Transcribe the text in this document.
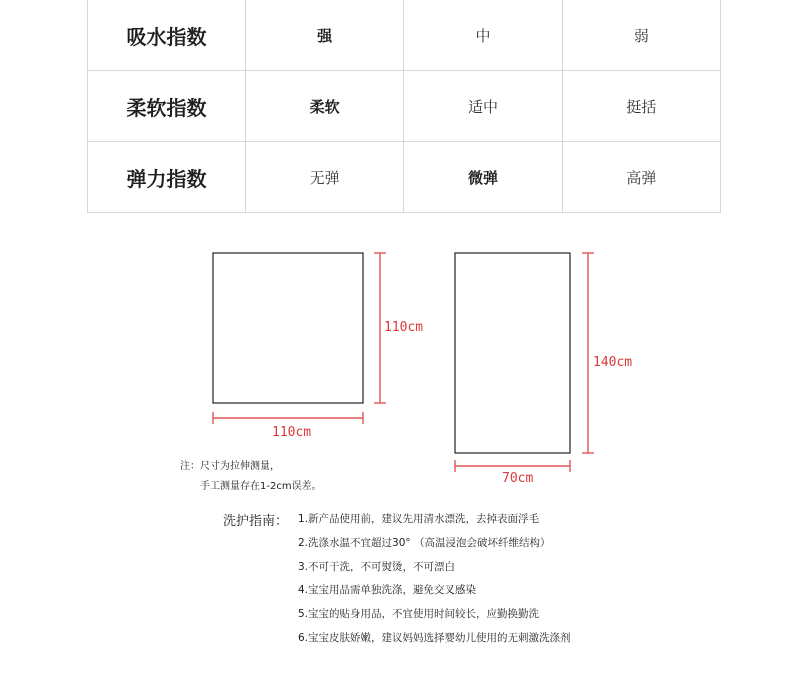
吸水指数	强	中	弱
柔软指数	柔软	适中	挺括
弹力指数	无弹	微弹	高弹
110cm
110cm
140cm
70cm
注：尺寸为拉伸测量，
手工测量存在1-2cm误差。
洗护指南： 1.新产品使用前，建议先用清水漂洗，去掉表面浮毛
2.洗涤水温不宜超过30° （高温浸泡会破坏纤维结构）
3.不可干洗，不可熨烫，不可漂白
4.宝宝用品需单独洗涤，避免交叉感染
5.宝宝的贴身用品，不宜使用时间较长，应勤换勤洗
6.宝宝皮肤娇嫩，建议妈妈选择婴幼儿使用的无刺激洗涤剂
